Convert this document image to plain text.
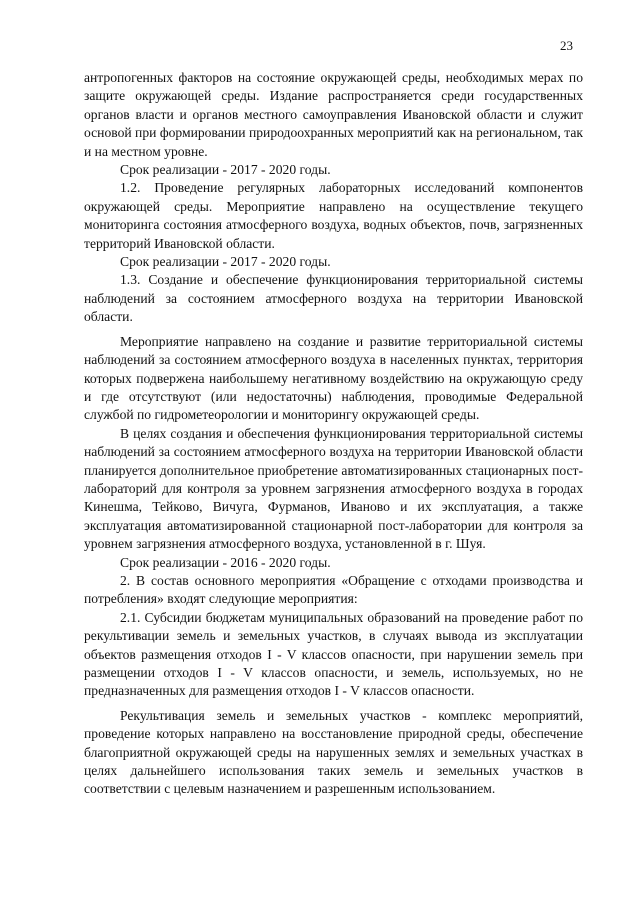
23

антропогенных факторов на состояние окружающей среды, необходимых мерах по защите окружающей среды. Издание распространяется среди государственных органов власти и органов местного самоуправления Ивановской области и служит основой при формировании природоохранных мероприятий как на региональном, так и на местном уровне.

Срок реализации - 2017 - 2020 годы.

1.2. Проведение регулярных лабораторных исследований компонентов окружающей среды. Мероприятие направлено на осуществление текущего мониторинга состояния атмосферного воздуха, водных объектов, почв, загрязненных территорий Ивановской области.

Срок реализации - 2017 - 2020 годы.

1.3. Создание и обеспечение функционирования территориальной системы наблюдений за состоянием атмосферного воздуха на территории Ивановской области.

Мероприятие направлено на создание и развитие территориальной системы наблюдений за состоянием атмосферного воздуха в населенных пунктах, территория которых подвержена наибольшему негативному воздействию на окружающую среду и где отсутствуют (или недостаточны) наблюдения, проводимые Федеральной службой по гидрометеорологии и мониторингу окружающей среды.

В целях создания и обеспечения функционирования территориальной системы наблюдений за состоянием атмосферного воздуха на территории Ивановской области планируется дополнительное приобретение автоматизированных стационарных пост-лабораторий для контроля за уровнем загрязнения атмосферного воздуха в городах Кинешма, Тейково, Вичуга, Фурманов, Иваново и их эксплуатация, а также эксплуатация автоматизированной стационарной пост-лаборатории для контроля за уровнем загрязнения атмосферного воздуха, установленной в г. Шуя.

Срок реализации - 2016 - 2020 годы.

2. В состав основного мероприятия «Обращение с отходами производства и потребления» входят следующие мероприятия:

2.1. Субсидии бюджетам муниципальных образований на проведение работ по рекультивации земель и земельных участков, в случаях вывода из эксплуатации объектов размещения отходов I - V классов опасности, при нарушении земель при размещении отходов I - V классов опасности, и земель, используемых, но не предназначенных для размещения отходов I - V классов опасности.

Рекультивация земель и земельных участков - комплекс мероприятий, проведение которых направлено на восстановление природной среды, обеспечение благоприятной окружающей среды на нарушенных землях и земельных участках в целях дальнейшего использования таких земель и земельных участков в соответствии с целевым назначением и разрешенным использованием.
